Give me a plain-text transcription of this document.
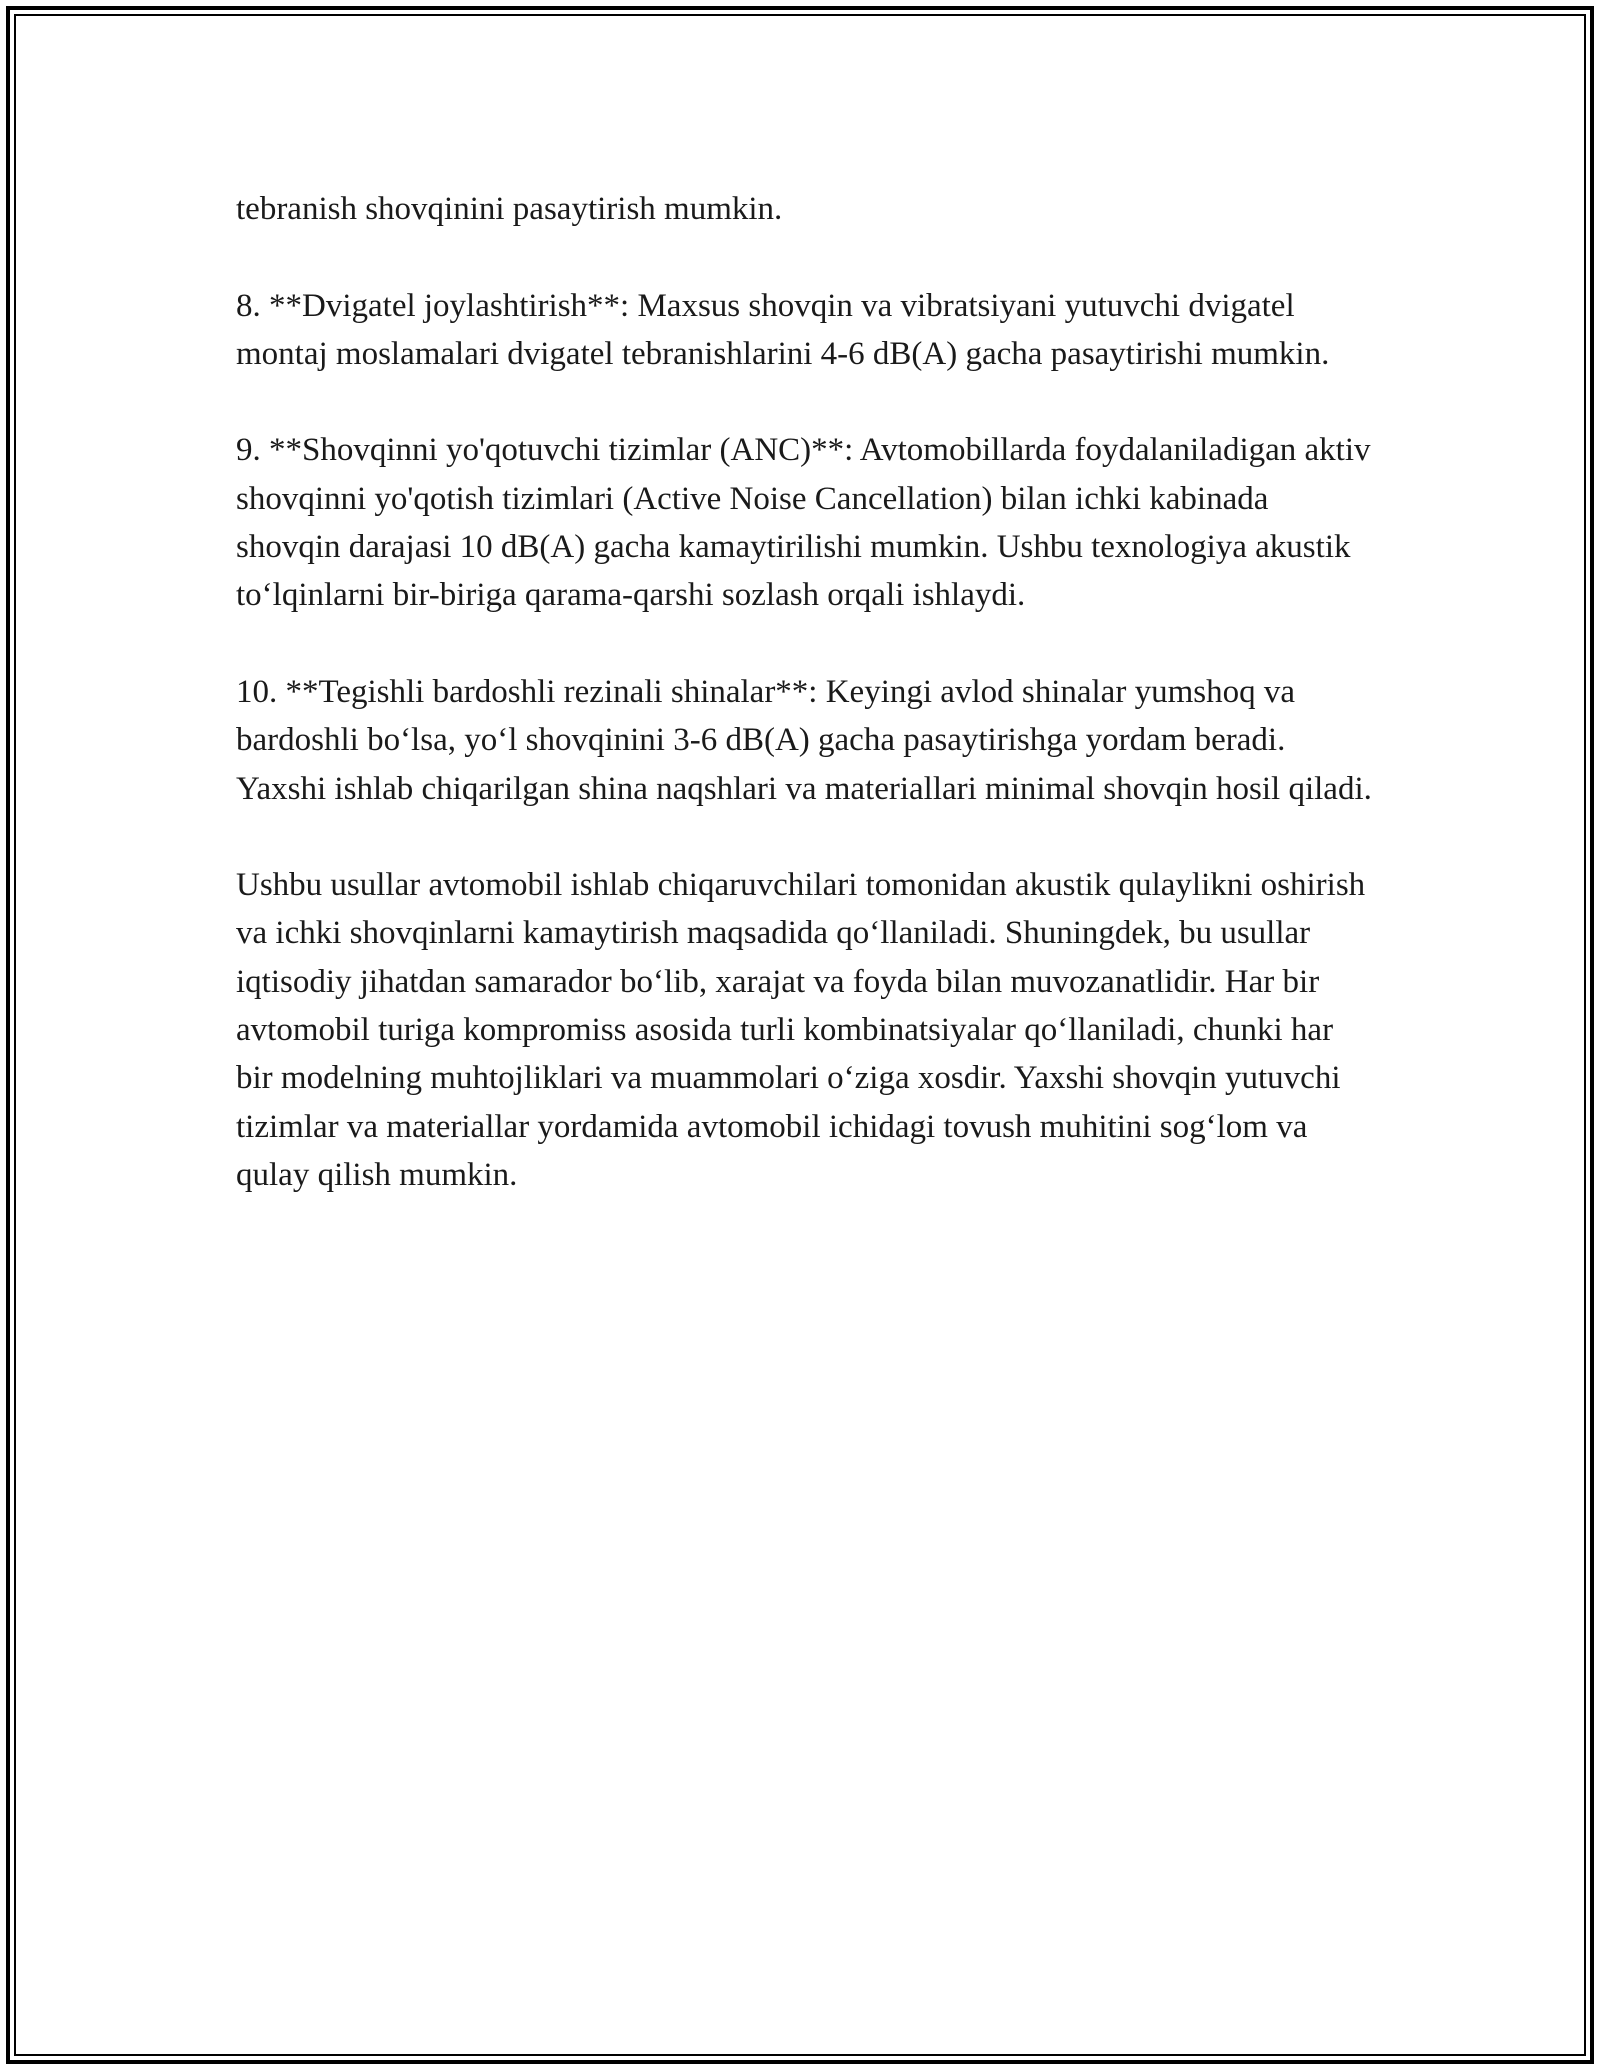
tebranish shovqinini pasaytirish mumkin.

8. **Dvigatel joylashtirish**: Maxsus shovqin va vibratsiyani yutuvchi dvigatel montaj moslamalari dvigatel tebranishlarini 4-6 dB(A) gacha pasaytirishi mumkin.

9. **Shovqinni yo'qotuvchi tizimlar (ANC)**: Avtomobillarda foydalaniladigan aktiv shovqinni yo'qotish tizimlari (Active Noise Cancellation) bilan ichki kabinada shovqin darajasi 10 dB(A) gacha kamaytirilishi mumkin. Ushbu texnologiya akustik to‘lqinlarni bir-biriga qarama-qarshi sozlash orqali ishlaydi.

10. **Tegishli bardoshli rezinali shinalar**: Keyingi avlod shinalar yumshoq va bardoshli bo‘lsa, yo‘l shovqinini 3-6 dB(A) gacha pasaytirishga yordam beradi. Yaxshi ishlab chiqarilgan shina naqshlari va materiallari minimal shovqin hosil qiladi.

Ushbu usullar avtomobil ishlab chiqaruvchilari tomonidan akustik qulaylikni oshirish va ichki shovqinlarni kamaytirish maqsadida qo‘llaniladi. Shuningdek, bu usullar iqtisodiy jihatdan samarador bo‘lib, xarajat va foyda bilan muvozanatlidir. Har bir avtomobil turiga kompromiss asosida turli kombinatsiyalar qo‘llaniladi, chunki har bir modelning muhtojliklari va muammolari o‘ziga xosdir. Yaxshi shovqin yutuvchi tizimlar va materiallar yordamida avtomobil ichidagi tovush muhitini sog‘lom va qulay qilish mumkin.
